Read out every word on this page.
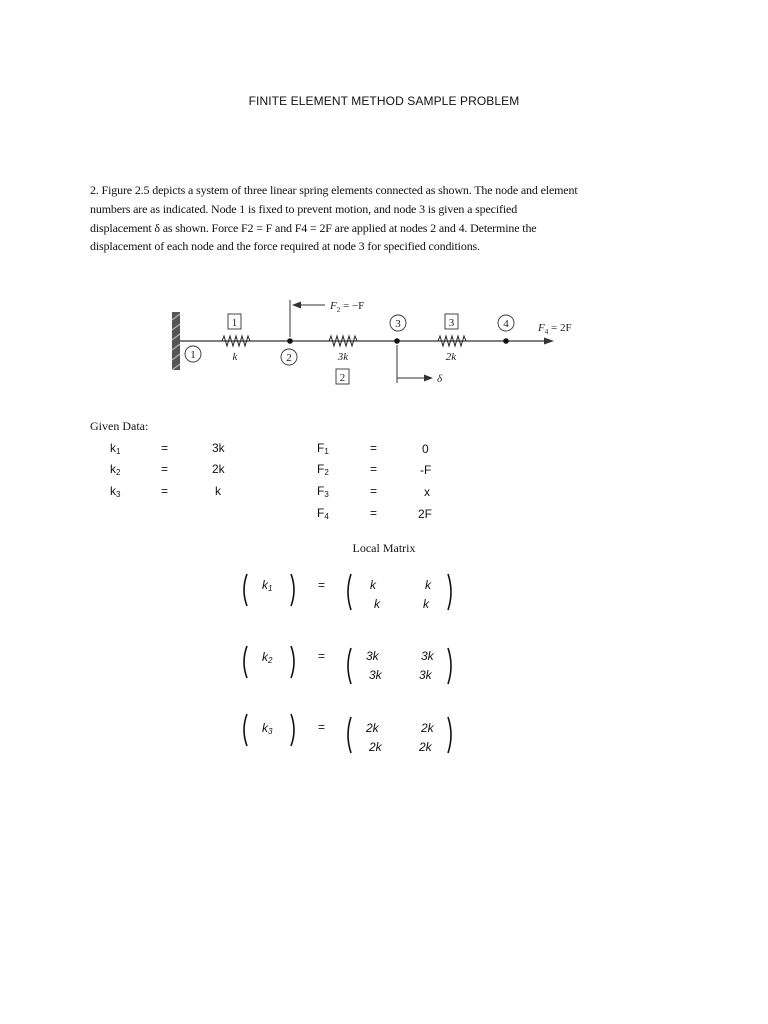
FINITE ELEMENT METHOD SAMPLE PROBLEM

2. Figure 2.5 depicts a system of three linear spring elements connected as shown. The node and element

numbers are as indicated. Node 1 is fixed to prevent motion, and node 3 is given a specified

displacement δ as shown. Force F2 = F and F4 = 2F are applied at nodes 2 and 4. Determine the

displacement of each node and the force required at node 3 for specified conditions.

1	2
3	4
1
2
3
k	3k	2k
$F_2 = -F$
δ
$F_4 = 2F$
Given Data:
$k_1$	=	3k
$k_2$	=	2k
$k_3$	=	k
$F_1$	=	0
$F_2$	=	-F
$F_3$	=	x
$F_4$	=	2F
Local Matrix
$k_1$	=	k	k
k	k
$k_2$	=	3k	3k
3k	3k
$k_3$	=	2k	2k
2k	2k
